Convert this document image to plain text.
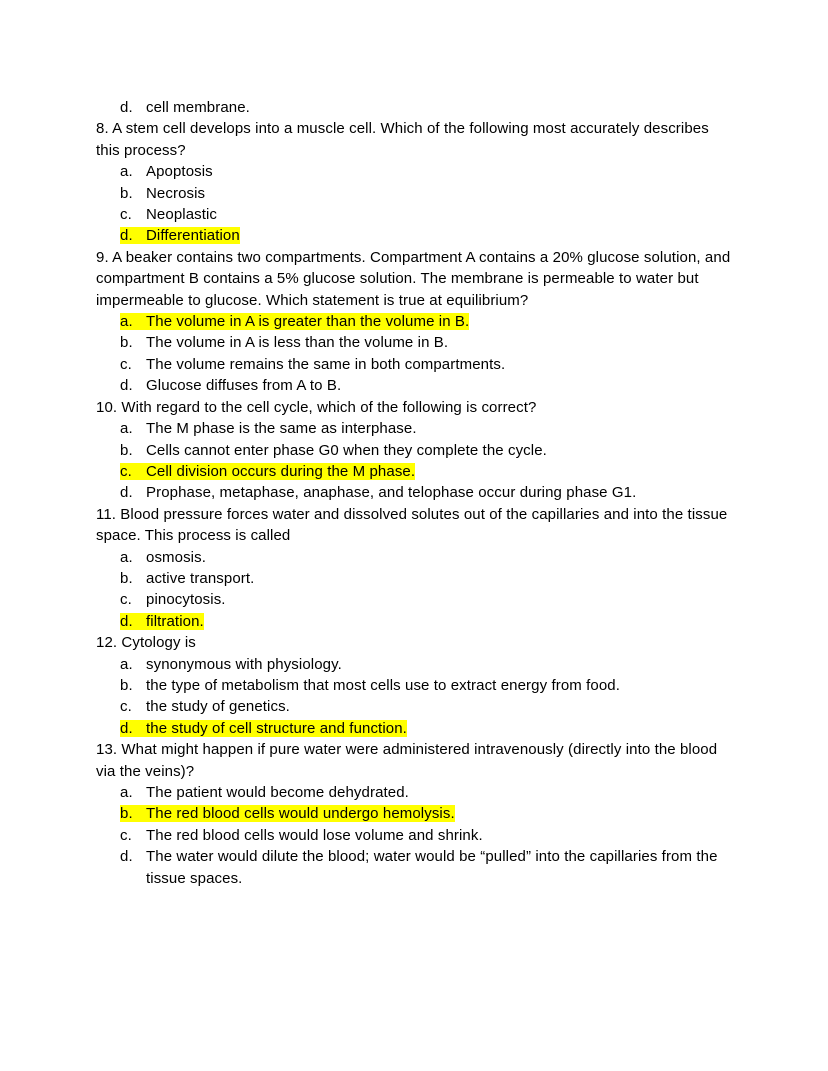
d. cell membrane.
8. A stem cell develops into a muscle cell. Which of the following most accurately describes this process?
a. Apoptosis
b. Necrosis
c. Neoplastic
d. Differentiation
9. A beaker contains two compartments. Compartment A contains a 20% glucose solution, and compartment B contains a 5% glucose solution. The membrane is permeable to water but impermeable to glucose. Which statement is true at equilibrium?
a. The volume in A is greater than the volume in B.
b. The volume in A is less than the volume in B.
c. The volume remains the same in both compartments.
d. Glucose diffuses from A to B.
10. With regard to the cell cycle, which of the following is correct?
a. The M phase is the same as interphase.
b. Cells cannot enter phase G0 when they complete the cycle.
c. Cell division occurs during the M phase.
d. Prophase, metaphase, anaphase, and telophase occur during phase G1.
11. Blood pressure forces water and dissolved solutes out of the capillaries and into the tissue space. This process is called
a. osmosis.
b. active transport.
c. pinocytosis.
d. filtration.
12. Cytology is
a. synonymous with physiology.
b. the type of metabolism that most cells use to extract energy from food.
c. the study of genetics.
d. the study of cell structure and function.
13. What might happen if pure water were administered intravenously (directly into the blood via the veins)?
a. The patient would become dehydrated.
b. The red blood cells would undergo hemolysis.
c. The red blood cells would lose volume and shrink.
d. The water would dilute the blood; water would be “pulled” into the capillaries from the tissue spaces.
